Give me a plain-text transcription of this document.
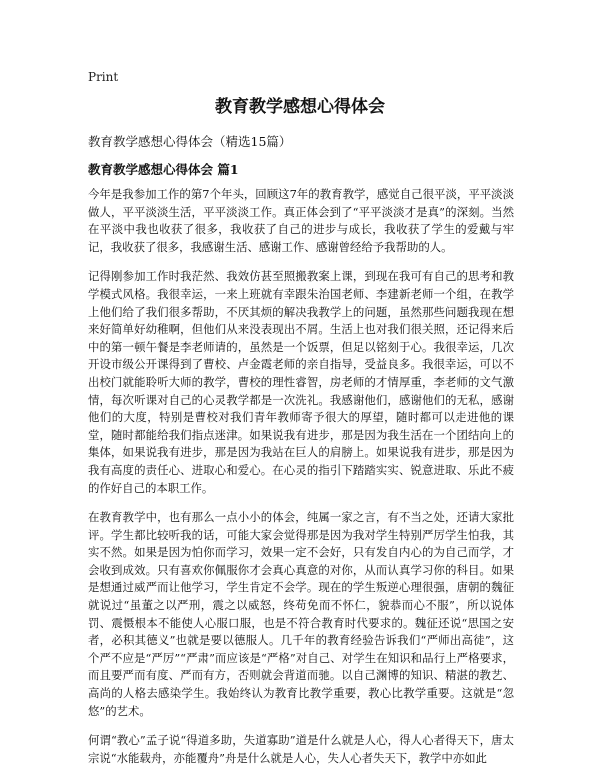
Print
教育教学感想心得体会
教育教学感想心得体会（精选15篇）
教育教学感想心得体会 篇1

今年是我参加工作的第7个年头，回顾这7年的教育教学，感觉自己很平淡，平平淡淡做人，平平淡淡生活，平平淡淡工作。真正体会到了“平平淡淡才是真”的深刻。当然在平淡中我也收获了很多，我收获了自己的进步与成长，我收获了学生的爱戴与牢记，我收获了很多，我感谢生活、感谢工作、感谢曾经给予我帮助的人。

记得刚参加工作时我茫然、我效仿甚至照搬教案上课，到现在我可有自己的思考和教学模式风格。我很幸运，一来上班就有幸跟朱治国老师、李建新老师一个组，在教学上他们给了我们很多帮助，不厌其烦的解决我教学上的问题，虽然那些问题我现在想来好简单好幼稚啊，但他们从来没表现出不屑。生活上也对我们很关照，还记得来后中的第一顿午餐是李老师请的，虽然是一个饭票，但足以铭刻于心。我很幸运，几次开设市级公开课得到了曹校、卢金霞老师的亲自指导，受益良多。我很幸运，可以不出校门就能聆听大师的教学，曹校的理性睿智，房老师的才情厚重，李老师的文气激情，每次听课对自己的心灵教学都是一次洗礼。我感谢他们，感谢他们的无私，感谢他们的大度，特别是曹校对我们青年教师寄予很大的厚望，随时都可以走进他的课堂，随时都能给我们指点迷津。如果说我有进步，那是因为我生活在一个团结向上的集体，如果说我有进步，那是因为我站在巨人的肩膀上。如果说我有进步，那是因为我有高度的责任心、进取心和爱心。在心灵的指引下踏踏实实、锐意进取、乐此不疲的作好自己的本职工作。

在教育教学中，也有那么一点小小的体会，纯属一家之言，有不当之处，还请大家批评。学生都比较听我的话，可能大家会觉得那是因为我对学生特别严厉学生怕我，其实不然。如果是因为怕你而学习，效果一定不会好，只有发自内心的为自己而学，才会收到成效。只有喜欢你佩服你才会真心真意的对你，从而认真学习你的科目。如果是想通过威严而让他学习，学生肯定不会学。现在的学生叛逆心理很强，唐朝的魏征就说过“虽董之以严刑，震之以威怒，终苟免而不怀仁，貌恭而心不服”，所以说体罚、震慑根本不能使人心服口服，也是不符合教育时代要求的。魏征还说“思国之安者，必积其德义”也就是要以德服人。几千年的教育经验告诉我们“严师出高徒”，这个严不应是“严厉”“严肃”而应该是“严格”对自己、对学生在知识和品行上严格要求，而且要严而有度、严而有方，否则就会背道而驰。以自己渊博的知识、精湛的教艺、高尚的人格去感染学生。我始终认为教育比教学重要，教心比教学重要。这就是“忽悠”的艺术。

何谓“教心”孟子说“得道多助，失道寡助”道是什么就是人心，得人心者得天下，唐太宗说“水能载舟，亦能覆舟”舟是什么就是人心，失人心者失天下，教学中亦如此
